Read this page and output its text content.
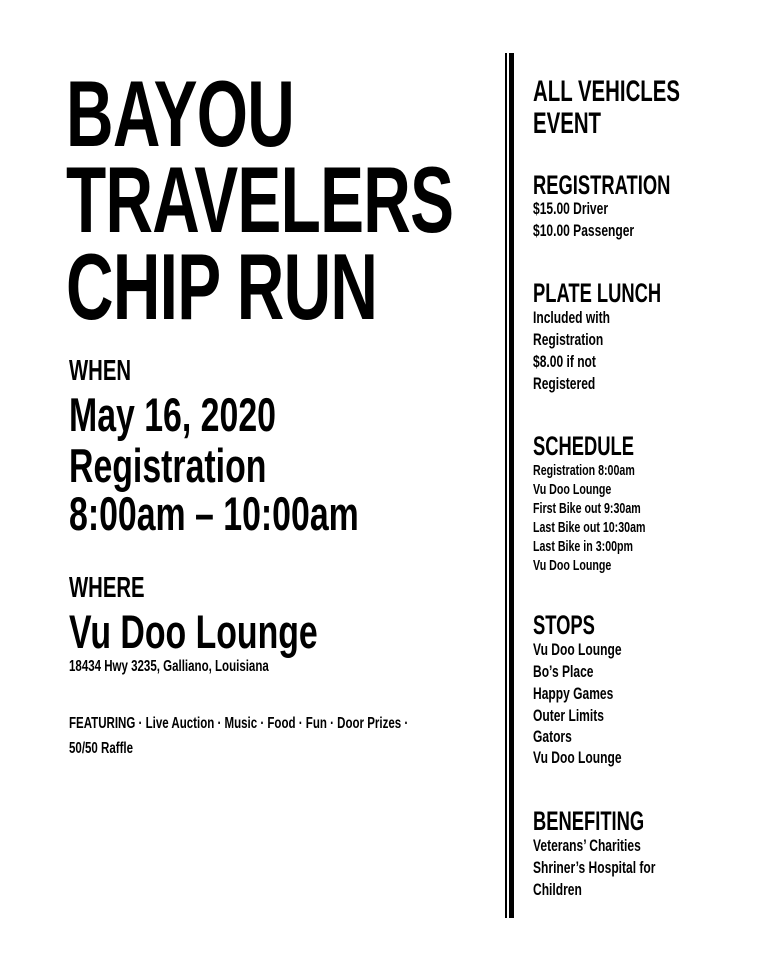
BAYOU

TRAVELERS

CHIP RUN

WHEN

May 16, 2020

Registration

8:00am – 10:00am

WHERE

Vu Doo Lounge

18434 Hwy 3235, Galliano, Louisiana

FEATURING · Live Auction · Music · Food · Fun · Door Prizes ·

50/50 Raffle

ALL VEHICLES

EVENT

REGISTRATION

$15.00 Driver

$10.00 Passenger

PLATE LUNCH

Included with

Registration

$8.00 if not

Registered

SCHEDULE

Registration 8:00am

Vu Doo Lounge

First Bike out 9:30am

Last Bike out 10:30am

Last Bike in 3:00pm

Vu Doo Lounge

STOPS

Vu Doo Lounge

Bo’s Place

Happy Games

Outer Limits

Gators

Vu Doo Lounge

BENEFITING

Veterans’ Charities

Shriner’s Hospital for

Children
